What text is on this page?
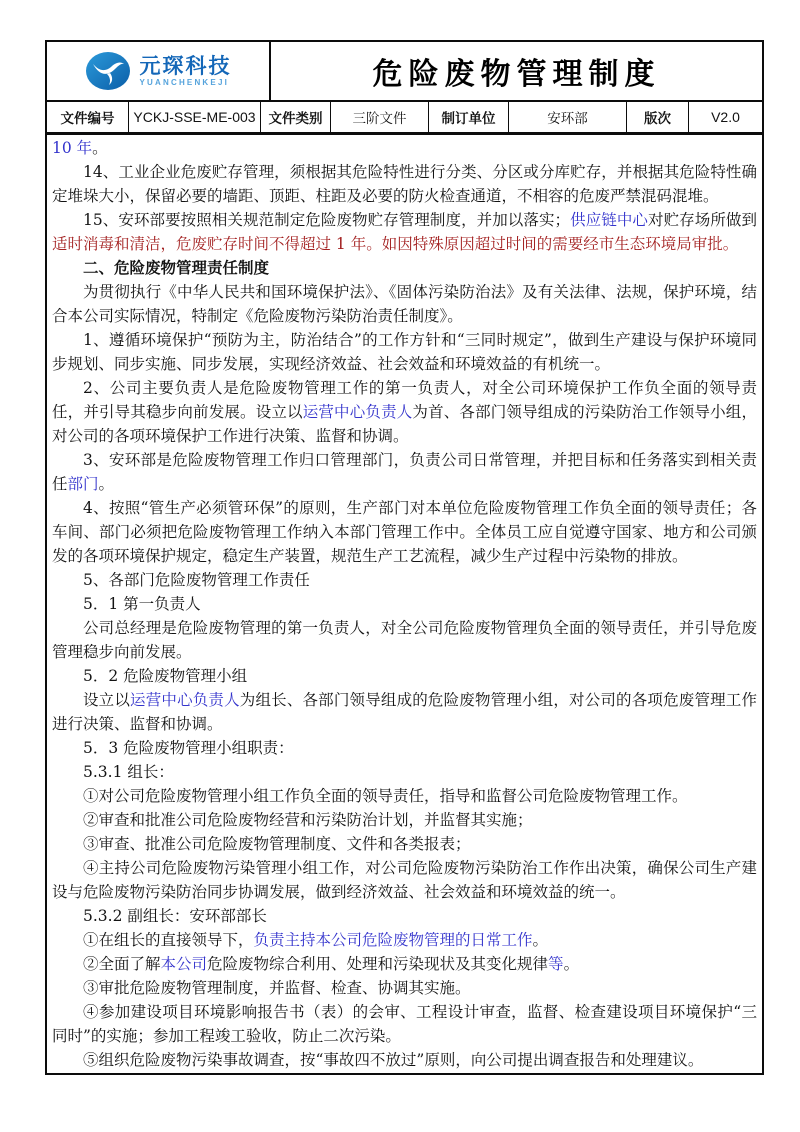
元琛科技
YUANCHENKEJI	危险废物管理制度
文件编号	YCKJ-SSE-ME-003 文件类别	三阶文件	制订单位	安环部	版次	V2.0

10 年。

14、工业企业危废贮存管理，须根据其危险特性进行分类、分区或分库贮存，并根据其危险特性确定堆垛大小，保留必要的墙距、顶距、柱距及必要的防火检查通道，不相容的危废严禁混码混堆。

15、安环部要按照相关规范制定危险废物贮存管理制度，并加以落实；供应链中心对贮存场所做到适时消毒和清洁，危废贮存时间不得超过 1 年。如因特殊原因超过时间的需要经市生态环境局审批。

二、危险废物管理责任制度

为贯彻执行《中华人民共和国环境保护法》、《固体污染防治法》及有关法律、法规，保护环境，结合本公司实际情况，特制定《危险废物污染防治责任制度》。

1、遵循环境保护“预防为主，防治结合”的工作方针和“三同时规定”，做到生产建设与保护环境同步规划、同步实施、同步发展，实现经济效益、社会效益和环境效益的有机统一。

2、公司主要负责人是危险废物管理工作的第一负责人，对全公司环境保护工作负全面的领导责任，并引导其稳步向前发展。设立以运营中心负责人为首、各部门领导组成的污染防治工作领导小组，对公司的各项环境保护工作进行决策、监督和协调。

3、安环部是危险废物管理工作归口管理部门，负责公司日常管理，并把目标和任务落实到相关责任部门。

4、按照“管生产必须管环保”的原则，生产部门对本单位危险废物管理工作负全面的领导责任；各车间、部门必须把危险废物管理工作纳入本部门管理工作中。全体员工应自觉遵守国家、地方和公司颁发的各项环境保护规定，稳定生产装置，规范生产工艺流程，减少生产过程中污染物的排放。

5、各部门危险废物管理工作责任

5．1 第一负责人

公司总经理是危险废物管理的第一负责人，对全公司危险废物管理负全面的领导责任，并引导危废管理稳步向前发展。

5．2 危险废物管理小组

设立以运营中心负责人为组长、各部门领导组成的危险废物管理小组，对公司的各项危废管理工作进行决策、监督和协调。

5．3 危险废物管理小组职责：

5.3.1 组长：

①对公司危险废物管理小组工作负全面的领导责任，指导和监督公司危险废物管理工作。

②审查和批准公司危险废物经营和污染防治计划，并监督其实施；

③审查、批准公司危险废物管理制度、文件和各类报表；

④主持公司危险废物污染管理小组工作，对公司危险废物污染防治工作作出决策，确保公司生产建设与危险废物污染防治同步协调发展，做到经济效益、社会效益和环境效益的统一。

5.3.2 副组长：安环部部长

①在组长的直接领导下，负责主持本公司危险废物管理的日常工作。

②全面了解本公司危险废物综合利用、处理和污染现状及其变化规律等。

③审批危险废物管理制度，并监督、检查、协调其实施。

④参加建设项目环境影响报告书（表）的会审、工程设计审查，监督、检查建设项目环境保护“三同时”的实施；参加工程竣工验收，防止二次污染。

⑤组织危险废物污染事故调查，按“事故四不放过”原则，向公司提出调查报告和处理建议。
